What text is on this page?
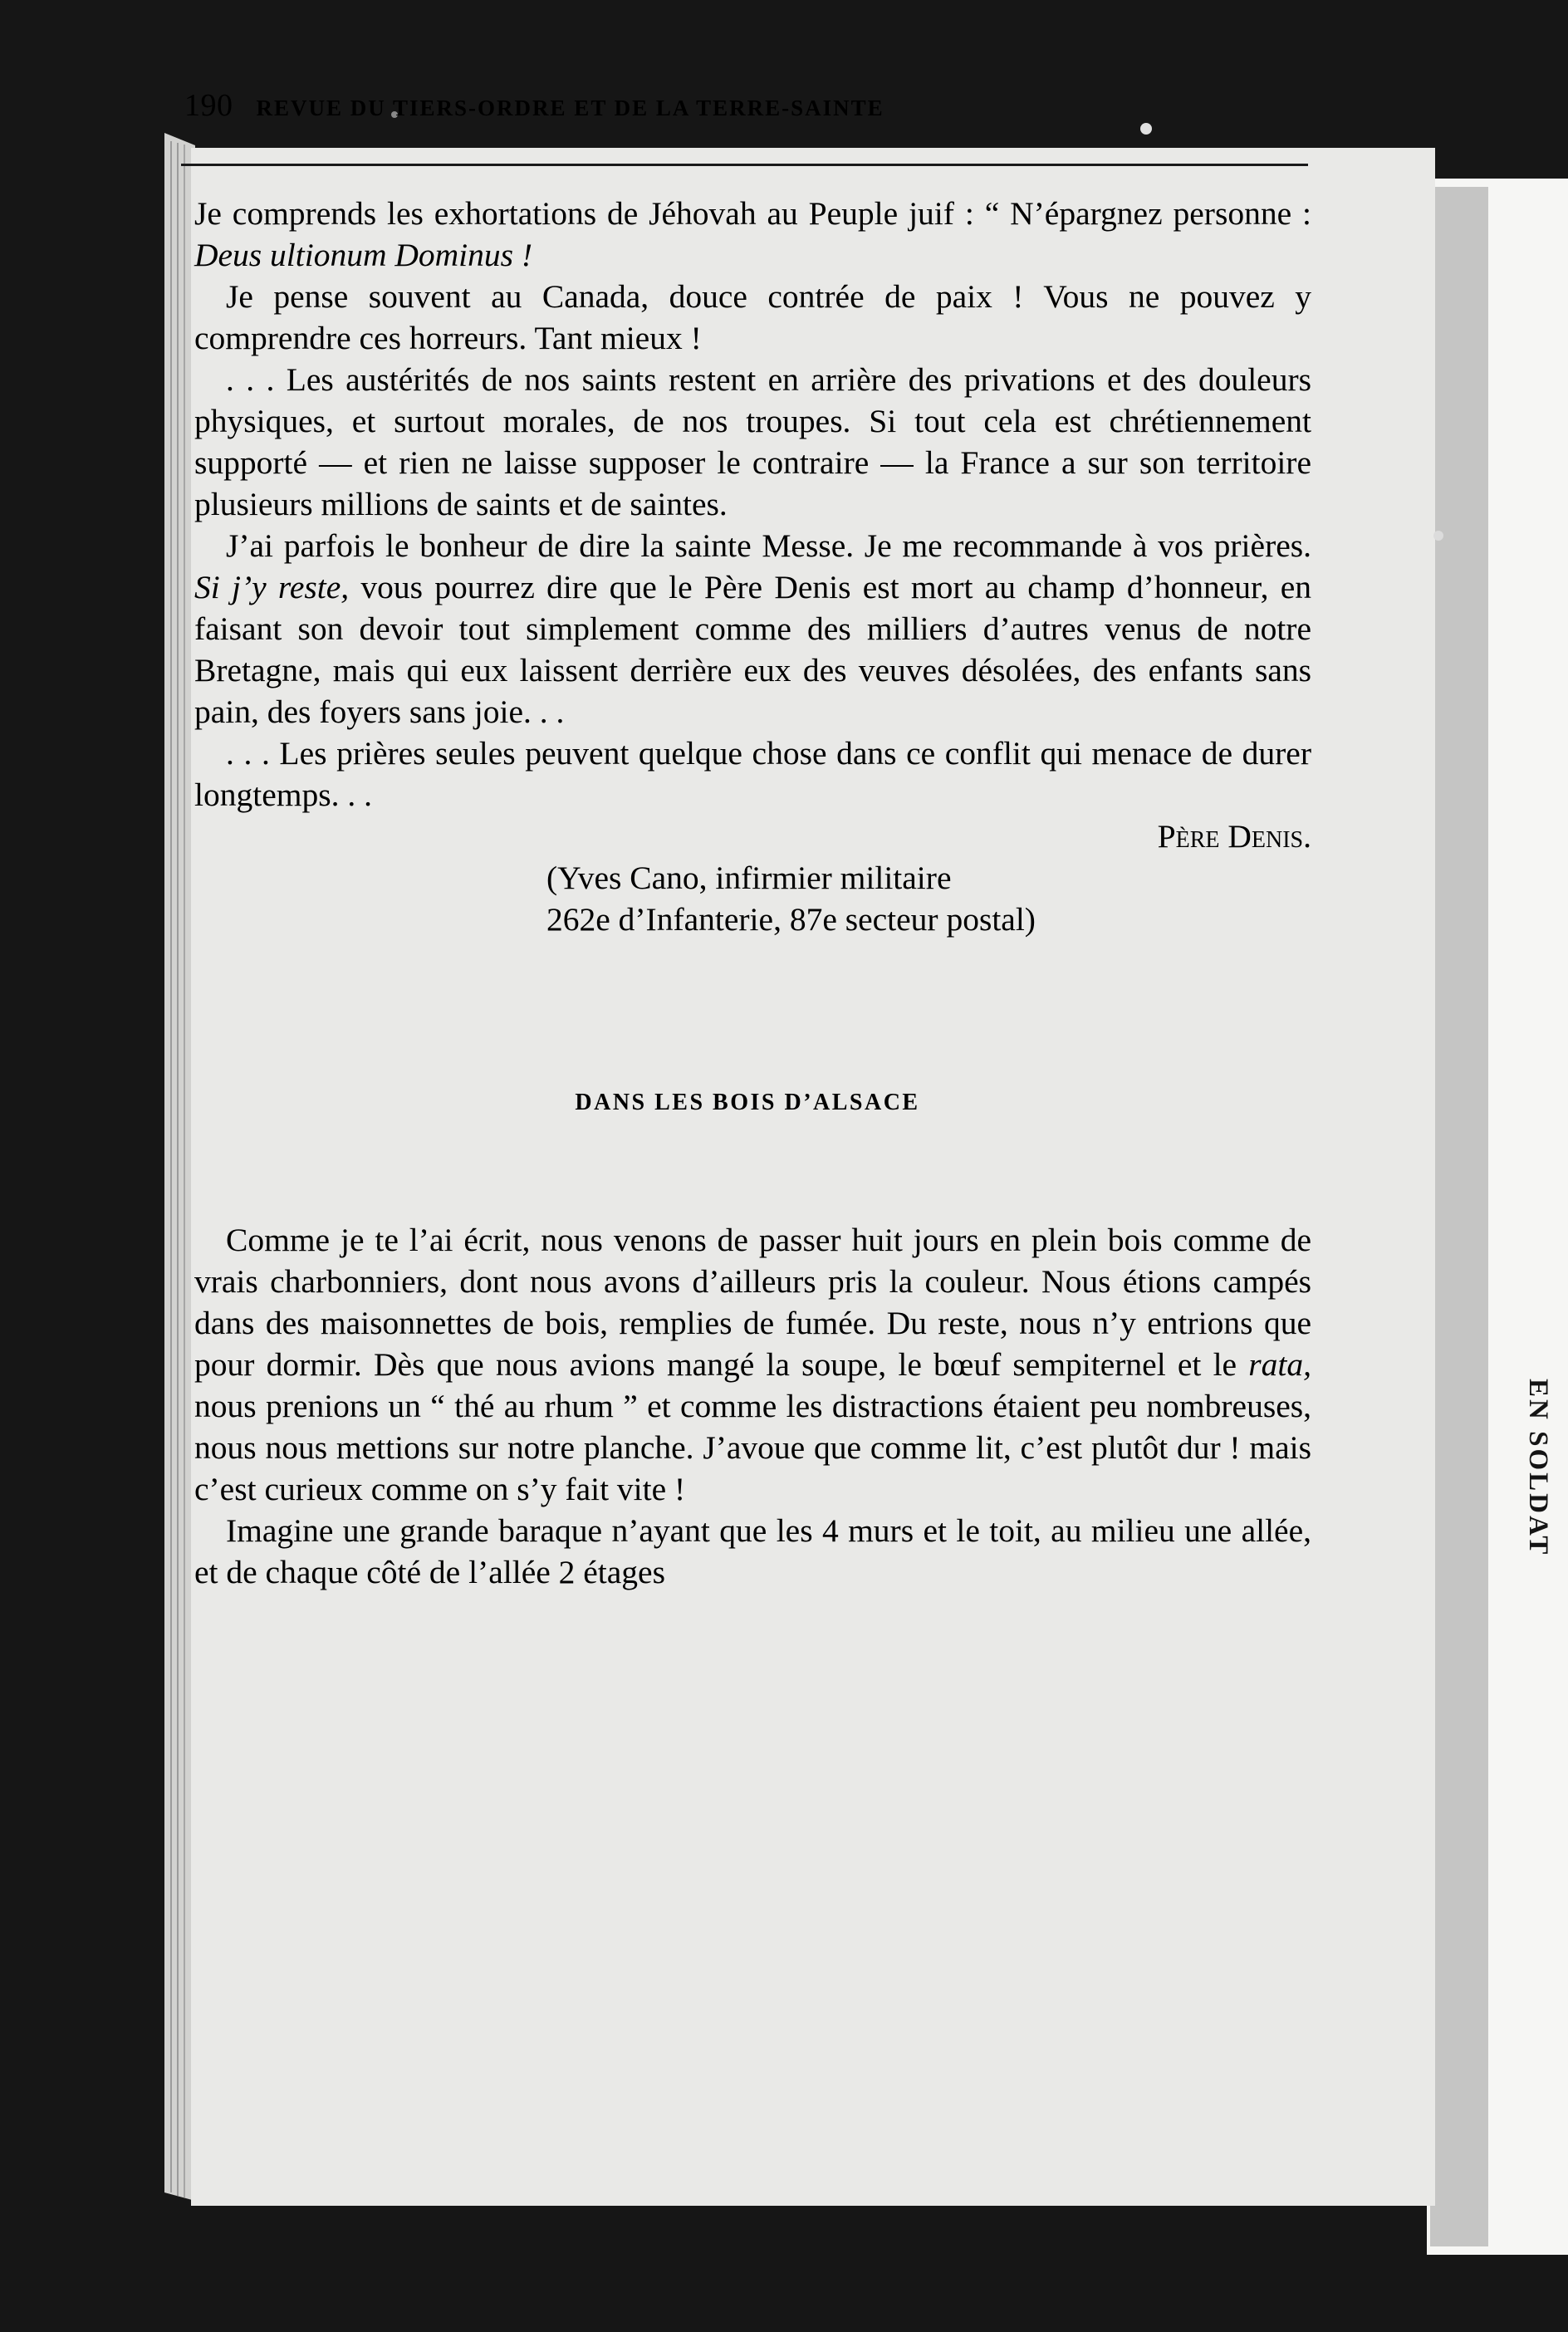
190 REVUE DU TIERS-ORDRE ET DE LA TERRE-SAINTE

Je comprends les exhortations de Jéhovah au Peuple juif : “ N’épargnez personne : Deus ultionum Dominus !

Je pense souvent au Canada, douce contrée de paix ! Vous ne pouvez y comprendre ces horreurs. Tant mieux !

. . . Les austérités de nos saints restent en arrière des privations et des douleurs physiques, et surtout morales, de nos troupes. Si tout cela est chrétiennement supporté — et rien ne laisse supposer le contraire — la France a sur son territoire plusieurs millions de saints et de saintes.

J’ai parfois le bonheur de dire la sainte Messe. Je me recommande à vos prières. Si j’y reste, vous pourrez dire que le Père Denis est mort au champ d’honneur, en faisant son devoir tout simplement comme des milliers d’autres venus de notre Bretagne, mais qui eux laissent derrière eux des veuves désolées, des enfants sans pain, des foyers sans joie. . .

. . . Les prières seules peuvent quelque chose dans ce conflit qui menace de durer longtemps. . .

Père Denis.
(Yves Cano, infirmier militaire
262e d’Infanterie, 87e secteur postal)
DANS LES BOIS D’ALSACE

Comme je te l’ai écrit, nous venons de passer huit jours en plein bois comme de vrais charbonniers, dont nous avons d’ailleurs pris la couleur. Nous étions campés dans des maisonnettes de bois, remplies de fumée. Du reste, nous n’y entrions que pour dormir. Dès que nous avions mangé la soupe, le bœuf sempiternel et le rata, nous prenions un “ thé au rhum ” et comme les distractions étaient peu nombreuses, nous nous mettions sur notre planche. J’avoue que comme lit, c’est plutôt dur ! mais c’est curieux comme on s’y fait vite !

Imagine une grande baraque n’ayant que les 4 murs et le toit, au milieu une allée, et de chaque côté de l’allée 2 étages

EN SOLDAT
